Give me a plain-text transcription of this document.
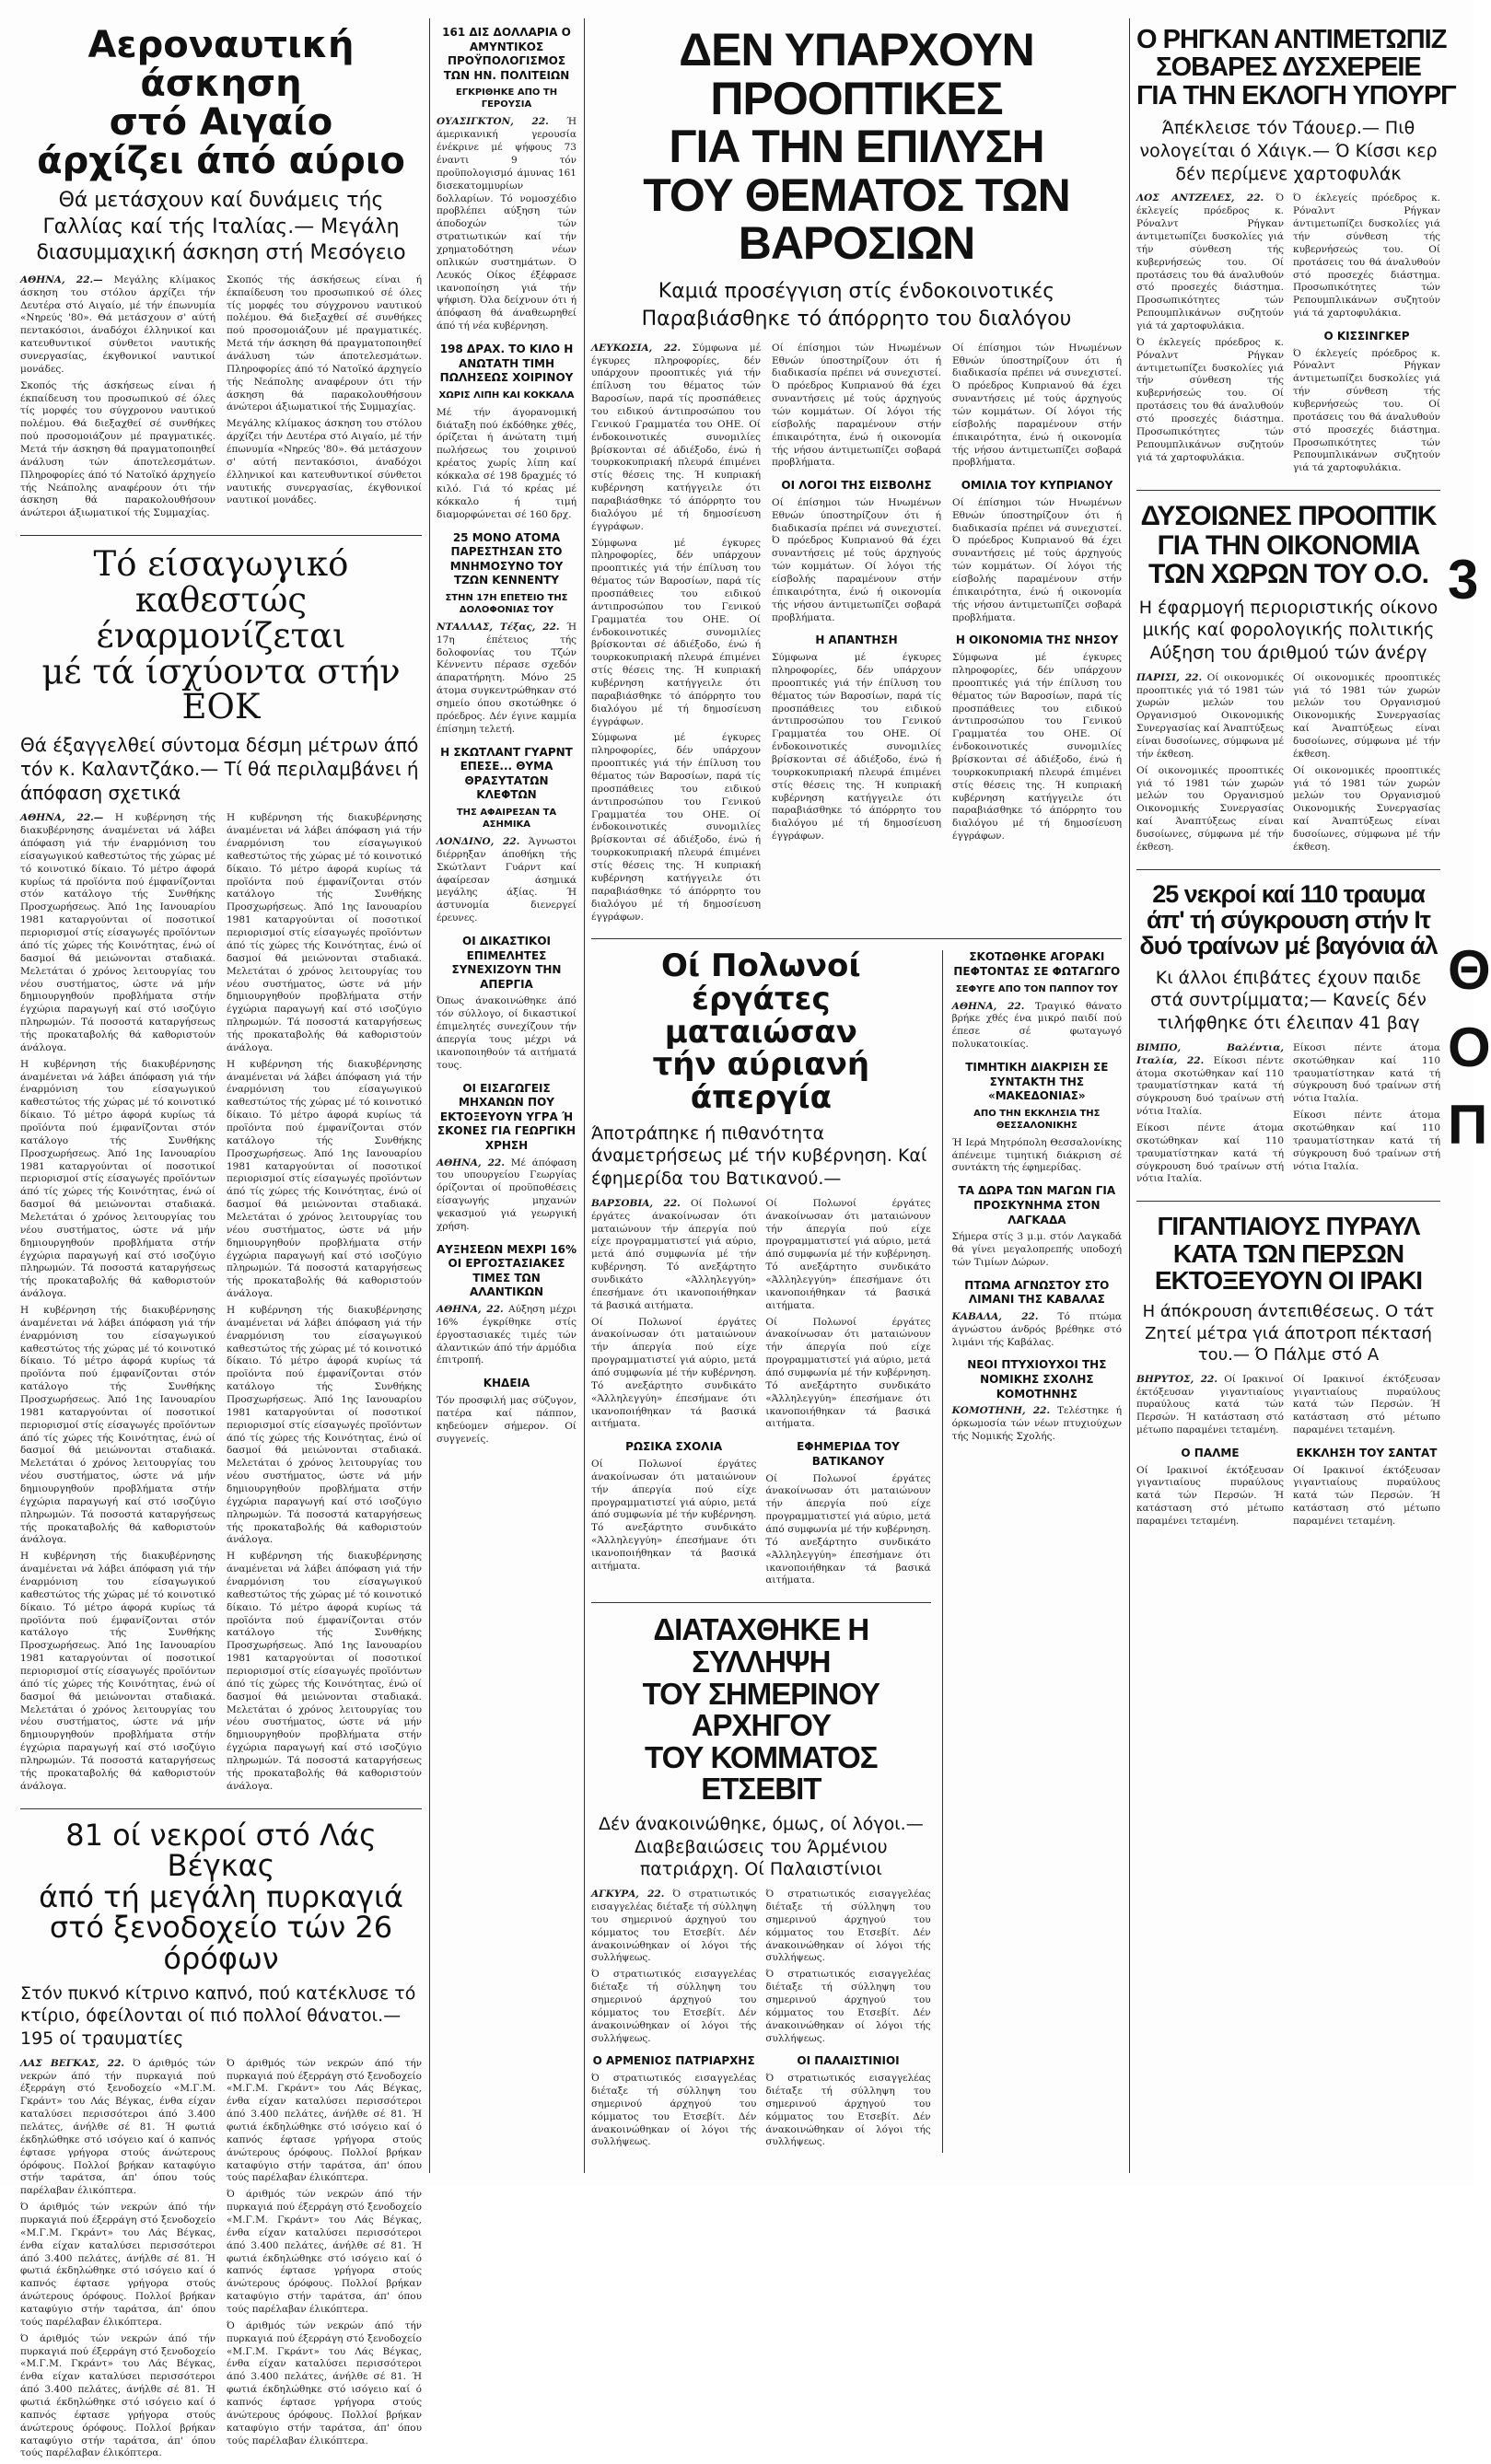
Αεροναυτική άσκηση
στό Αιγαίο
άρχίζει άπό αύριο

Θά μετάσχουν καί δυνάμεις τής Γαλλίας καί τής Ιταλίας.— Μεγάλη διασυμμαχική άσκηση στή Μεσόγειο

ΑΘΗΝΑ, 22.— Μεγάλης κλίμακος άσκηση του στόλου άρχίζει τήν Δευτέρα στό Αιγαίο, μέ τήν έπωνυμία «Νηρεύς '80». Θά μετάσχουν σ' αύτή πεντακόσιοι, άναδόχοι έλληνικοί και κατευθυντικοί σύνθετοι ναυτικής συνεργασίας, έκγθονικοί ναυτικοί μονάδες.

Σκοπός τής άσκήσεως είναι ή έκπαίδευση του προσωπικού σέ όλες τίς μορφές του σύγχρονου ναυτικού πολέμου. Θά διεξαχθεί σέ συνθήκες πού προσομοιάζουν μέ πραγματικές. Μετά τήν άσκηση θά πραγματοποιηθεί άνάλυση τών άποτελεσμάτων. Πληροφορίες άπό τό Νατοϊκό άρχηγείο τής Νεάπολης αναφέρουν ότι τήν άσκηση θά παρακολουθήσουν άνώτεροι άξιωματικοί τής Συμμαχίας.

Σκοπός τής άσκήσεως είναι ή έκπαίδευση του προσωπικού σέ όλες τίς μορφές του σύγχρονου ναυτικού πολέμου. Θά διεξαχθεί σέ συνθήκες πού προσομοιάζουν μέ πραγματικές. Μετά τήν άσκηση θά πραγματοποιηθεί άνάλυση τών άποτελεσμάτων. Πληροφορίες άπό τό Νατοϊκό άρχηγείο τής Νεάπολης αναφέρουν ότι τήν άσκηση θά παρακολουθήσουν άνώτεροι άξιωματικοί τής Συμμαχίας.

Μεγάλης κλίμακος άσκηση του στόλου άρχίζει τήν Δευτέρα στό Αιγαίο, μέ τήν έπωνυμία «Νηρεύς '80». Θά μετάσχουν σ' αύτή πεντακόσιοι, άναδόχοι έλληνικοί και κατευθυντικοί σύνθετοι ναυτικής συνεργασίας, έκγθονικοί ναυτικοί μονάδες.

Τό είσαγωγικό καθεστώς
έναρμονίζεται
μέ τά ίσχύοντα στήν ΕΟΚ

Θά έξαγγελθεί σύντομα δέσμη μέτρων άπό τόν κ. Καλαντζάκο.— Τί θά περιλαμβάνει ή άπόφαση σχετικά

ΑΘΗΝΑ, 22.— Η κυβέρνηση τής διακυβέρνησης άναμένεται νά λάβει άπόφαση γιά τήν έναρμόνιση του είσαγωγικού καθεστώτος τής χώρας μέ τό κοινοτικό δίκαιο. Τό μέτρο άφορά κυρίως τά προϊόντα πού έμφανίζονται στόν κατάλογο τής Συνθήκης Προσχωρήσεως. Άπό 1ης Ιανουαρίου 1981 καταργούνται οί ποσοτικοί περιορισμοί στίς είσαγωγές προϊόντων άπό τίς χώρες τής Κοινότητας, ένώ οί δασμοί θά μειώνονται σταδιακά. Μελετάται ό χρόνος λειτουργίας του νέου συστήματος, ώστε νά μήν δημιουργηθούν προβλήματα στήν έγχώρια παραγωγή καί στό ισοζύγιο πληρωμών. Τά ποσοστά καταργήσεως τής προκαταβολής θά καθοριστούν άνάλογα.

Η κυβέρνηση τής διακυβέρνησης άναμένεται νά λάβει άπόφαση γιά τήν έναρμόνιση του είσαγωγικού καθεστώτος τής χώρας μέ τό κοινοτικό δίκαιο. Τό μέτρο άφορά κυρίως τά προϊόντα πού έμφανίζονται στόν κατάλογο τής Συνθήκης Προσχωρήσεως. Άπό 1ης Ιανουαρίου 1981 καταργούνται οί ποσοτικοί περιορισμοί στίς είσαγωγές προϊόντων άπό τίς χώρες τής Κοινότητας, ένώ οί δασμοί θά μειώνονται σταδιακά. Μελετάται ό χρόνος λειτουργίας του νέου συστήματος, ώστε νά μήν δημιουργηθούν προβλήματα στήν έγχώρια παραγωγή καί στό ισοζύγιο πληρωμών. Τά ποσοστά καταργήσεως τής προκαταβολής θά καθοριστούν άνάλογα.

Η κυβέρνηση τής διακυβέρνησης άναμένεται νά λάβει άπόφαση γιά τήν έναρμόνιση του είσαγωγικού καθεστώτος τής χώρας μέ τό κοινοτικό δίκαιο. Τό μέτρο άφορά κυρίως τά προϊόντα πού έμφανίζονται στόν κατάλογο τής Συνθήκης Προσχωρήσεως. Άπό 1ης Ιανουαρίου 1981 καταργούνται οί ποσοτικοί περιορισμοί στίς είσαγωγές προϊόντων άπό τίς χώρες τής Κοινότητας, ένώ οί δασμοί θά μειώνονται σταδιακά. Μελετάται ό χρόνος λειτουργίας του νέου συστήματος, ώστε νά μήν δημιουργηθούν προβλήματα στήν έγχώρια παραγωγή καί στό ισοζύγιο πληρωμών. Τά ποσοστά καταργήσεως τής προκαταβολής θά καθοριστούν άνάλογα.

Η κυβέρνηση τής διακυβέρνησης άναμένεται νά λάβει άπόφαση γιά τήν έναρμόνιση του είσαγωγικού καθεστώτος τής χώρας μέ τό κοινοτικό δίκαιο. Τό μέτρο άφορά κυρίως τά προϊόντα πού έμφανίζονται στόν κατάλογο τής Συνθήκης Προσχωρήσεως. Άπό 1ης Ιανουαρίου 1981 καταργούνται οί ποσοτικοί περιορισμοί στίς είσαγωγές προϊόντων άπό τίς χώρες τής Κοινότητας, ένώ οί δασμοί θά μειώνονται σταδιακά. Μελετάται ό χρόνος λειτουργίας του νέου συστήματος, ώστε νά μήν δημιουργηθούν προβλήματα στήν έγχώρια παραγωγή καί στό ισοζύγιο πληρωμών. Τά ποσοστά καταργήσεως τής προκαταβολής θά καθοριστούν άνάλογα.

Η κυβέρνηση τής διακυβέρνησης άναμένεται νά λάβει άπόφαση γιά τήν έναρμόνιση του είσαγωγικού καθεστώτος τής χώρας μέ τό κοινοτικό δίκαιο. Τό μέτρο άφορά κυρίως τά προϊόντα πού έμφανίζονται στόν κατάλογο τής Συνθήκης Προσχωρήσεως. Άπό 1ης Ιανουαρίου 1981 καταργούνται οί ποσοτικοί περιορισμοί στίς είσαγωγές προϊόντων άπό τίς χώρες τής Κοινότητας, ένώ οί δασμοί θά μειώνονται σταδιακά. Μελετάται ό χρόνος λειτουργίας του νέου συστήματος, ώστε νά μήν δημιουργηθούν προβλήματα στήν έγχώρια παραγωγή καί στό ισοζύγιο πληρωμών. Τά ποσοστά καταργήσεως τής προκαταβολής θά καθοριστούν άνάλογα.

Η κυβέρνηση τής διακυβέρνησης άναμένεται νά λάβει άπόφαση γιά τήν έναρμόνιση του είσαγωγικού καθεστώτος τής χώρας μέ τό κοινοτικό δίκαιο. Τό μέτρο άφορά κυρίως τά προϊόντα πού έμφανίζονται στόν κατάλογο τής Συνθήκης Προσχωρήσεως. Άπό 1ης Ιανουαρίου 1981 καταργούνται οί ποσοτικοί περιορισμοί στίς είσαγωγές προϊόντων άπό τίς χώρες τής Κοινότητας, ένώ οί δασμοί θά μειώνονται σταδιακά. Μελετάται ό χρόνος λειτουργίας του νέου συστήματος, ώστε νά μήν δημιουργηθούν προβλήματα στήν έγχώρια παραγωγή καί στό ισοζύγιο πληρωμών. Τά ποσοστά καταργήσεως τής προκαταβολής θά καθοριστούν άνάλογα.

Η κυβέρνηση τής διακυβέρνησης άναμένεται νά λάβει άπόφαση γιά τήν έναρμόνιση του είσαγωγικού καθεστώτος τής χώρας μέ τό κοινοτικό δίκαιο. Τό μέτρο άφορά κυρίως τά προϊόντα πού έμφανίζονται στόν κατάλογο τής Συνθήκης Προσχωρήσεως. Άπό 1ης Ιανουαρίου 1981 καταργούνται οί ποσοτικοί περιορισμοί στίς είσαγωγές προϊόντων άπό τίς χώρες τής Κοινότητας, ένώ οί δασμοί θά μειώνονται σταδιακά. Μελετάται ό χρόνος λειτουργίας του νέου συστήματος, ώστε νά μήν δημιουργηθούν προβλήματα στήν έγχώρια παραγωγή καί στό ισοζύγιο πληρωμών. Τά ποσοστά καταργήσεως τής προκαταβολής θά καθοριστούν άνάλογα.

Η κυβέρνηση τής διακυβέρνησης άναμένεται νά λάβει άπόφαση γιά τήν έναρμόνιση του είσαγωγικού καθεστώτος τής χώρας μέ τό κοινοτικό δίκαιο. Τό μέτρο άφορά κυρίως τά προϊόντα πού έμφανίζονται στόν κατάλογο τής Συνθήκης Προσχωρήσεως. Άπό 1ης Ιανουαρίου 1981 καταργούνται οί ποσοτικοί περιορισμοί στίς είσαγωγές προϊόντων άπό τίς χώρες τής Κοινότητας, ένώ οί δασμοί θά μειώνονται σταδιακά. Μελετάται ό χρόνος λειτουργίας του νέου συστήματος, ώστε νά μήν δημιουργηθούν προβλήματα στήν έγχώρια παραγωγή καί στό ισοζύγιο πληρωμών. Τά ποσοστά καταργήσεως τής προκαταβολής θά καθοριστούν άνάλογα.

81 οί νεκροί στό Λάς Βέγκας
άπό τή μεγάλη πυρκαγιά
στό ξενοδοχείο τών 26 όρόφων

Στόν πυκνό κίτρινο καπνό, πού κατέκλυσε τό κτίριο, όφείλονται οί πιό πολλοί θάνατοι.— 195 οί τραυματίες

ΛΑΣ ΒΕΓΚΑΣ, 22. Ό άριθμός τών νεκρών άπό τήν πυρκαγιά πού έξερράγη στό ξενοδοχείο «Μ.Γ.Μ. Γκράντ» του Λάς Βέγκας, ένθα είχαν καταλύσει περισσότεροι άπό 3.400 πελάτες, άνήλθε σέ 81. Ή φωτιά έκδηλώθηκε στό ισόγειο καί ό καπνός έφτασε γρήγορα στούς άνώτερους όρόφους. Πολλοί βρήκαν καταφύγιο στήν ταράτσα, άπ' όπου τούς παρέλαβαν έλικόπτερα.

Ό άριθμός τών νεκρών άπό τήν πυρκαγιά πού έξερράγη στό ξενοδοχείο «Μ.Γ.Μ. Γκράντ» του Λάς Βέγκας, ένθα είχαν καταλύσει περισσότεροι άπό 3.400 πελάτες, άνήλθε σέ 81. Ή φωτιά έκδηλώθηκε στό ισόγειο καί ό καπνός έφτασε γρήγορα στούς άνώτερους όρόφους. Πολλοί βρήκαν καταφύγιο στήν ταράτσα, άπ' όπου τούς παρέλαβαν έλικόπτερα.

Ό άριθμός τών νεκρών άπό τήν πυρκαγιά πού έξερράγη στό ξενοδοχείο «Μ.Γ.Μ. Γκράντ» του Λάς Βέγκας, ένθα είχαν καταλύσει περισσότεροι άπό 3.400 πελάτες, άνήλθε σέ 81. Ή φωτιά έκδηλώθηκε στό ισόγειο καί ό καπνός έφτασε γρήγορα στούς άνώτερους όρόφους. Πολλοί βρήκαν καταφύγιο στήν ταράτσα, άπ' όπου τούς παρέλαβαν έλικόπτερα.

Ό άριθμός τών νεκρών άπό τήν πυρκαγιά πού έξερράγη στό ξενοδοχείο «Μ.Γ.Μ. Γκράντ» του Λάς Βέγκας, ένθα είχαν καταλύσει περισσότεροι άπό 3.400 πελάτες, άνήλθε σέ 81. Ή φωτιά έκδηλώθηκε στό ισόγειο καί ό καπνός έφτασε γρήγορα στούς άνώτερους όρόφους. Πολλοί βρήκαν καταφύγιο στήν ταράτσα, άπ' όπου τούς παρέλαβαν έλικόπτερα.

Ό άριθμός τών νεκρών άπό τήν πυρκαγιά πού έξερράγη στό ξενοδοχείο «Μ.Γ.Μ. Γκράντ» του Λάς Βέγκας, ένθα είχαν καταλύσει περισσότεροι άπό 3.400 πελάτες, άνήλθε σέ 81. Ή φωτιά έκδηλώθηκε στό ισόγειο καί ό καπνός έφτασε γρήγορα στούς άνώτερους όρόφους. Πολλοί βρήκαν καταφύγιο στήν ταράτσα, άπ' όπου τούς παρέλαβαν έλικόπτερα.

Ό άριθμός τών νεκρών άπό τήν πυρκαγιά πού έξερράγη στό ξενοδοχείο «Μ.Γ.Μ. Γκράντ» του Λάς Βέγκας, ένθα είχαν καταλύσει περισσότεροι άπό 3.400 πελάτες, άνήλθε σέ 81. Ή φωτιά έκδηλώθηκε στό ισόγειο καί ό καπνός έφτασε γρήγορα στούς άνώτερους όρόφους. Πολλοί βρήκαν καταφύγιο στήν ταράτσα, άπ' όπου τούς παρέλαβαν έλικόπτερα.

161 ΔΙΣ ΔΟΛΛΑΡΙΑ Ο ΑΜΥΝΤΙΚΟΣ ΠΡΟΫΠΟΛΟΓΙΣΜΟΣ ΤΩΝ ΗΝ. ΠΟΛΙΤΕΙΩΝ
ΕΓΚΡΙΘΗΚΕ ΑΠΟ ΤΗ ΓΕΡΟΥΣΙΑ

ΟΥΑΣΙΓΚΤΟΝ, 22. Ή άμερικανική γερουσία ένέκρινε μέ ψήφους 73 έναντι 9 τόν προϋπολογισμό άμυνας 161 δισεκατομμυρίων δολλαρίων. Τό νομοσχέδιο προβλέπει αύξηση τών άποδοχών τών στρατιωτικών καί τήν χρηματοδότηση νέων οπλικών συστημάτων. Ό Λευκός Οίκος έξέφρασε ικανοποίηση γιά τήν ψήφιση. Όλα δείχνουν ότι ή άπόφαση θά άναθεωρηθεί άπό τή νέα κυβέρνηση.

198 ΔΡΑΧ. ΤΟ ΚΙΛΟ Η ΑΝΩΤΑΤΗ ΤΙΜΗ ΠΩΛΗΣΕΩΣ ΧΟΙΡΙΝΟΥ
ΧΩΡΙΣ ΛΙΠΗ ΚΑΙ ΚΟΚΚΑΛΑ

Μέ τήν άγορανομική διάταξη πού έκδόθηκε χθές, όρίζεται ή άνώτατη τιμή πωλήσεως του χοιρινού κρέατος χωρίς λίπη καί κόκκαλα σέ 198 δραχμές τό κιλό. Γιά τό κρέας μέ κόκκαλο ή τιμή διαμορφώνεται σέ 160 δρχ.

25 ΜΟΝΟ ΑΤΟΜΑ ΠΑΡΕΣΤΗΣΑΝ ΣΤΟ ΜΝΗΜΟΣΥΝΟ ΤΟΥ ΤΖΩΝ ΚΕΝΝΕΝΤΥ
ΣΤΗΝ 17Η ΕΠΕΤΕΙΟ ΤΗΣ ΔΟΛΟΦΟΝΙΑΣ ΤΟΥ

ΝΤΑΛΛΑΣ, Τέξας, 22. Ή 17η έπέτειος τής δολοφονίας του Τζών Κέννεντυ πέρασε σχεδόν άπαρατήρητη. Μόνο 25 άτομα συγκεντρώθηκαν στό σημείο όπου σκοτώθηκε ό πρόεδρος. Δέν έγινε καμμία έπίσημη τελετή.

Η ΣΚΩΤΛΑΝΤ ΓΥΑΡΝΤ ΕΠΕΣΕ... ΘΥΜΑ ΘΡΑΣΥΤΑΤΩΝ ΚΛΕΦΤΩΝ
ΤΗΣ ΑΦΑΙΡΕΣΑΝ ΤΑ ΑΣΗΜΙΚΑ

ΛΟΝΔΙΝΟ, 22. Άγνωστοι διέρρηξαν άποθήκη τής Σκώτλαντ Γυάρντ καί άφαίρεσαν άσημικά μεγάλης άξίας. Ή άστυνομία διενεργεί έρευνες.

ΟΙ ΔΙΚΑΣΤΙΚΟΙ ΕΠΙΜΕΛΗΤΕΣ ΣΥΝΕΧΙΖΟΥΝ ΤΗΝ ΑΠΕΡΓΙΑ

Όπως άνακοινώθηκε άπό τόν σύλλογο, οί δικαστικοί έπιμελητές συνεχίζουν τήν άπεργία τους μέχρι νά ικανοποιηθούν τά αιτήματά τους.

ΟΙ ΕΙΣΑΓΩΓΕΙΣ ΜΗΧΑΝΩΝ ΠΟΥ ΕΚΤΟΞΕΥΟΥΝ ΥΓΡΑ Ή ΣΚΟΝΕΣ ΓΙΑ ΓΕΩΡΓΙΚΗ ΧΡΗΣΗ

ΑΘΗΝΑ, 22. Μέ άπόφαση του υπουργείου Γεωργίας όρίζονται οί προϋποθέσεις είσαγωγής μηχανών ψεκασμού γιά γεωργική χρήση.

ΑΥΞΗΣΕΩΝ ΜΕΧΡΙ 16% ΟΙ ΕΡΓΟΣΤΑΣΙΑΚΕΣ ΤΙΜΕΣ ΤΩΝ ΑΛΑΝΤΙΚΩΝ

ΑΘΗΝΑ, 22. Αύξηση μέχρι 16% έγκρίθηκε στίς έργοστασιακές τιμές τών άλαντικών άπό τήν άρμόδια έπιτροπή.

ΚΗΔΕΙΑ

Τόν προσφιλή μας σύζυγον, πατέρα καί πάππον, κηδεύομεν σήμερον. Οί συγγενείς.

ΔΕΝ ΥΠΑΡΧΟΥΝ ΠΡΟΟΠΤΙΚΕΣ
ΓΙΑ ΤΗΝ ΕΠΙΛΥΣΗ
ΤΟΥ ΘΕΜΑΤΟΣ ΤΩΝ ΒΑΡΟΣΙΩΝ

Καμιά προσέγγιση στίς ένδοκοινοτικές

Παραβιάσθηκε τό άπόρρητο του διαλόγου

ΛΕΥΚΩΣΙΑ, 22. Σύμφωνα μέ έγκυρες πληροφορίες, δέν υπάρχουν προοπτικές γιά τήν έπίλυση του θέματος τών Βαροσίων, παρά τίς προσπάθειες του ειδικού άντιπροσώπου του Γενικού Γραμματέα του ΟΗΕ. Οί ένδοκοινοτικές συνομιλίες βρίσκονται σέ άδιέξοδο, ένώ ή τουρκοκυπριακή πλευρά έπιμένει στίς θέσεις της. Ή κυπριακή κυβέρνηση κατήγγειλε ότι παραβιάσθηκε τό άπόρρητο του διαλόγου μέ τή δημοσίευση έγγράφων.

Σύμφωνα μέ έγκυρες πληροφορίες, δέν υπάρχουν προοπτικές γιά τήν έπίλυση του θέματος τών Βαροσίων, παρά τίς προσπάθειες του ειδικού άντιπροσώπου του Γενικού Γραμματέα του ΟΗΕ. Οί ένδοκοινοτικές συνομιλίες βρίσκονται σέ άδιέξοδο, ένώ ή τουρκοκυπριακή πλευρά έπιμένει στίς θέσεις της. Ή κυπριακή κυβέρνηση κατήγγειλε ότι παραβιάσθηκε τό άπόρρητο του διαλόγου μέ τή δημοσίευση έγγράφων.

Σύμφωνα μέ έγκυρες πληροφορίες, δέν υπάρχουν προοπτικές γιά τήν έπίλυση του θέματος τών Βαροσίων, παρά τίς προσπάθειες του ειδικού άντιπροσώπου του Γενικού Γραμματέα του ΟΗΕ. Οί ένδοκοινοτικές συνομιλίες βρίσκονται σέ άδιέξοδο, ένώ ή τουρκοκυπριακή πλευρά έπιμένει στίς θέσεις της. Ή κυπριακή κυβέρνηση κατήγγειλε ότι παραβιάσθηκε τό άπόρρητο του διαλόγου μέ τή δημοσίευση έγγράφων.

Οί έπίσημοι τών Ηνωμένων Εθνών ύποστηρίζουν ότι ή διαδικασία πρέπει νά συνεχιστεί. Ό πρόεδρος Κυπριανού θά έχει συναντήσεις μέ τούς άρχηγούς τών κομμάτων. Οί λόγοι τής είσβολής παραμένουν στήν έπικαιρότητα, ένώ ή οικονομία τής νήσου άντιμετωπίζει σοβαρά προβλήματα.

ΟΙ ΛΟΓΟΙ ΤΗΣ ΕΙΣΒΟΛΗΣ

Οί έπίσημοι τών Ηνωμένων Εθνών ύποστηρίζουν ότι ή διαδικασία πρέπει νά συνεχιστεί. Ό πρόεδρος Κυπριανού θά έχει συναντήσεις μέ τούς άρχηγούς τών κομμάτων. Οί λόγοι τής είσβολής παραμένουν στήν έπικαιρότητα, ένώ ή οικονομία τής νήσου άντιμετωπίζει σοβαρά προβλήματα.

Η ΑΠΑΝΤΗΣΗ

Σύμφωνα μέ έγκυρες πληροφορίες, δέν υπάρχουν προοπτικές γιά τήν έπίλυση του θέματος τών Βαροσίων, παρά τίς προσπάθειες του ειδικού άντιπροσώπου του Γενικού Γραμματέα του ΟΗΕ. Οί ένδοκοινοτικές συνομιλίες βρίσκονται σέ άδιέξοδο, ένώ ή τουρκοκυπριακή πλευρά έπιμένει στίς θέσεις της. Ή κυπριακή κυβέρνηση κατήγγειλε ότι παραβιάσθηκε τό άπόρρητο του διαλόγου μέ τή δημοσίευση έγγράφων.

Οί έπίσημοι τών Ηνωμένων Εθνών ύποστηρίζουν ότι ή διαδικασία πρέπει νά συνεχιστεί. Ό πρόεδρος Κυπριανού θά έχει συναντήσεις μέ τούς άρχηγούς τών κομμάτων. Οί λόγοι τής είσβολής παραμένουν στήν έπικαιρότητα, ένώ ή οικονομία τής νήσου άντιμετωπίζει σοβαρά προβλήματα.

ΟΜΙΛΙΑ ΤΟΥ ΚΥΠΡΙΑΝΟΥ

Οί έπίσημοι τών Ηνωμένων Εθνών ύποστηρίζουν ότι ή διαδικασία πρέπει νά συνεχιστεί. Ό πρόεδρος Κυπριανού θά έχει συναντήσεις μέ τούς άρχηγούς τών κομμάτων. Οί λόγοι τής είσβολής παραμένουν στήν έπικαιρότητα, ένώ ή οικονομία τής νήσου άντιμετωπίζει σοβαρά προβλήματα.

Η ΟΙΚΟΝΟΜΙΑ ΤΗΣ ΝΗΣΟΥ

Σύμφωνα μέ έγκυρες πληροφορίες, δέν υπάρχουν προοπτικές γιά τήν έπίλυση του θέματος τών Βαροσίων, παρά τίς προσπάθειες του ειδικού άντιπροσώπου του Γενικού Γραμματέα του ΟΗΕ. Οί ένδοκοινοτικές συνομιλίες βρίσκονται σέ άδιέξοδο, ένώ ή τουρκοκυπριακή πλευρά έπιμένει στίς θέσεις της. Ή κυπριακή κυβέρνηση κατήγγειλε ότι παραβιάσθηκε τό άπόρρητο του διαλόγου μέ τή δημοσίευση έγγράφων.

Οί Πολωνοί έργάτες
ματαιώσαν
τήν αύριανή άπεργία

Άποτράπηκε ή πιθανότητα άναμετρήσεως μέ τήν κυβέρνηση. Καί έφημερίδα του Βατικανού.—

ΒΑΡΣΟΒΙΑ, 22. Οί Πολωνοί έργάτες άνακοίνωσαν ότι ματαιώνουν τήν άπεργία πού είχε προγραμματιστεί γιά αύριο, μετά άπό συμφωνία μέ τήν κυβέρνηση. Τό ανεξάρτητο συνδικάτο «Άλληλεγγύη» έπεσήμανε ότι ικανοποιήθηκαν τά βασικά αιτήματα.

Οί Πολωνοί έργάτες άνακοίνωσαν ότι ματαιώνουν τήν άπεργία πού είχε προγραμματιστεί γιά αύριο, μετά άπό συμφωνία μέ τήν κυβέρνηση. Τό ανεξάρτητο συνδικάτο «Άλληλεγγύη» έπεσήμανε ότι ικανοποιήθηκαν τά βασικά αιτήματα.

ΡΩΣΙΚΑ ΣΧΟΛΙΑ

Οί Πολωνοί έργάτες άνακοίνωσαν ότι ματαιώνουν τήν άπεργία πού είχε προγραμματιστεί γιά αύριο, μετά άπό συμφωνία μέ τήν κυβέρνηση. Τό ανεξάρτητο συνδικάτο «Άλληλεγγύη» έπεσήμανε ότι ικανοποιήθηκαν τά βασικά αιτήματα.

Οί Πολωνοί έργάτες άνακοίνωσαν ότι ματαιώνουν τήν άπεργία πού είχε προγραμματιστεί γιά αύριο, μετά άπό συμφωνία μέ τήν κυβέρνηση. Τό ανεξάρτητο συνδικάτο «Άλληλεγγύη» έπεσήμανε ότι ικανοποιήθηκαν τά βασικά αιτήματα.

Οί Πολωνοί έργάτες άνακοίνωσαν ότι ματαιώνουν τήν άπεργία πού είχε προγραμματιστεί γιά αύριο, μετά άπό συμφωνία μέ τήν κυβέρνηση. Τό ανεξάρτητο συνδικάτο «Άλληλεγγύη» έπεσήμανε ότι ικανοποιήθηκαν τά βασικά αιτήματα.

ΕΦΗΜΕΡΙΔΑ ΤΟΥ ΒΑΤΙΚΑΝΟΥ

Οί Πολωνοί έργάτες άνακοίνωσαν ότι ματαιώνουν τήν άπεργία πού είχε προγραμματιστεί γιά αύριο, μετά άπό συμφωνία μέ τήν κυβέρνηση. Τό ανεξάρτητο συνδικάτο «Άλληλεγγύη» έπεσήμανε ότι ικανοποιήθηκαν τά βασικά αιτήματα.

ΔΙΑΤΑΧΘΗΚΕ Η ΣΥΛΛΗΨΗ
ΤΟΥ ΣΗΜΕΡΙΝΟΥ ΑΡΧΗΓΟΥ
ΤΟΥ ΚΟΜΜΑΤΟΣ ΕΤΣΕΒΙΤ

Δέν άνακοινώθηκε, όμως, οί λόγοι.— Διαβεβαιώσεις του Άρμένιου πατριάρχη. Οί Παλαιστίνιοι

ΑΓΚΥΡΑ, 22. Ό στρατιωτικός εισαγγελέας διέταξε τή σύλληψη του σημερινού άρχηγού του κόμματος του Ετσεβίτ. Δέν άνακοινώθηκαν οί λόγοι τής συλλήψεως.

Ό στρατιωτικός εισαγγελέας διέταξε τή σύλληψη του σημερινού άρχηγού του κόμματος του Ετσεβίτ. Δέν άνακοινώθηκαν οί λόγοι τής συλλήψεως.

Ο ΑΡΜΕΝΙΟΣ ΠΑΤΡΙΑΡΧΗΣ

Ό στρατιωτικός εισαγγελέας διέταξε τή σύλληψη του σημερινού άρχηγού του κόμματος του Ετσεβίτ. Δέν άνακοινώθηκαν οί λόγοι τής συλλήψεως.

Ό στρατιωτικός εισαγγελέας διέταξε τή σύλληψη του σημερινού άρχηγού του κόμματος του Ετσεβίτ. Δέν άνακοινώθηκαν οί λόγοι τής συλλήψεως.

Ό στρατιωτικός εισαγγελέας διέταξε τή σύλληψη του σημερινού άρχηγού του κόμματος του Ετσεβίτ. Δέν άνακοινώθηκαν οί λόγοι τής συλλήψεως.

ΟΙ ΠΑΛΑΙΣΤΙΝΙΟΙ

Ό στρατιωτικός εισαγγελέας διέταξε τή σύλληψη του σημερινού άρχηγού του κόμματος του Ετσεβίτ. Δέν άνακοινώθηκαν οί λόγοι τής συλλήψεως.

ΣΚΟΤΩΘΗΚΕ ΑΓΟΡΑΚΙ ΠΕΦΤΟΝΤΑΣ ΣΕ ΦΩΤΑΓΩΓΟ
ΣΕΦΥΓΕ ΑΠΟ ΤΟΝ ΠΑΠΠΟΥ ΤΟΥ

ΑΘΗΝΑ, 22. Τραγικό θάνατο βρήκε χθές ένα μικρό παιδί πού έπεσε σέ φωταγωγό πολυκατοικίας.

ΤΙΜΗΤΙΚΗ ΔΙΑΚΡΙΣΗ ΣΕ ΣΥΝΤΑΚΤΗ ΤΗΣ «ΜΑΚΕΔΟΝΙΑΣ»
ΑΠΟ ΤΗΝ ΕΚΚΛΗΣΙΑ ΤΗΣ ΘΕΣΣΑΛΟΝΙΚΗΣ

Ή Ιερά Μητρόπολη Θεσσαλονίκης άπένειμε τιμητική διάκριση σέ συντάκτη τής έφημερίδας.

ΤΑ ΔΩΡΑ ΤΩΝ ΜΑΓΩΝ ΓΙΑ ΠΡΟΣΚΥΝΗΜΑ ΣΤΟΝ ΛΑΓΚΑΔΑ

Σήμερα στίς 3 μ.μ. στόν Λαγκαδά θά γίνει μεγαλοπρεπής υποδοχή τών Τιμίων Δώρων.

ΠΤΩΜΑ ΑΓΝΩΣΤΟΥ ΣΤΟ ΛΙΜΑΝΙ ΤΗΣ ΚΑΒΑΛΑΣ

ΚΑΒΑΛΑ, 22. Τό πτώμα άγνώστου άνδρός βρέθηκε στό λιμάνι τής Καβάλας.

ΝΕΟΙ ΠΤΥΧΙΟΥΧΟΙ ΤΗΣ ΝΟΜΙΚΗΣ ΣΧΟΛΗΣ ΚΟΜΟΤΗΝΗΣ

ΚΟΜΟΤΗΝΗ, 22. Τελέστηκε ή όρκωμοσία τών νέων πτυχιούχων τής Νομικής Σχολής.

Ο ΡΗΓΚΑΝ ΑΝΤΙΜΕΤΩΠΙΖ
ΣΟΒΑΡΕΣ ΔΥΣΧΕΡΕΙΕ
ΓΙΑ ΤΗΝ ΕΚΛΟΓΗ ΥΠΟΥΡΓ

Άπέκλεισε τόν Τάουερ.— Πιθ νολογείται ό Χάιγκ.— Ό Κίσσι κερ δέν περίμενε χαρτοφυλάκ

ΛΟΣ ΑΝΤΖΕΛΕΣ, 22. Ό έκλεγείς πρόεδρος κ. Ρόναλντ Ρήγκαν άντιμετωπίζει δυσκολίες γιά τήν σύνθεση τής κυβερνήσεώς του. Οί προτάσεις του θά άναλυθούν στό προσεχές διάστημα. Προσωπικότητες τών Ρεπουμπλικάνων συζητούν γιά τά χαρτοφυλάκια.

Ό έκλεγείς πρόεδρος κ. Ρόναλντ Ρήγκαν άντιμετωπίζει δυσκολίες γιά τήν σύνθεση τής κυβερνήσεώς του. Οί προτάσεις του θά άναλυθούν στό προσεχές διάστημα. Προσωπικότητες τών Ρεπουμπλικάνων συζητούν γιά τά χαρτοφυλάκια.

Ό έκλεγείς πρόεδρος κ. Ρόναλντ Ρήγκαν άντιμετωπίζει δυσκολίες γιά τήν σύνθεση τής κυβερνήσεώς του. Οί προτάσεις του θά άναλυθούν στό προσεχές διάστημα. Προσωπικότητες τών Ρεπουμπλικάνων συζητούν γιά τά χαρτοφυλάκια.

Ο ΚΙΣΣΙΝΓΚΕΡ

Ό έκλεγείς πρόεδρος κ. Ρόναλντ Ρήγκαν άντιμετωπίζει δυσκολίες γιά τήν σύνθεση τής κυβερνήσεώς του. Οί προτάσεις του θά άναλυθούν στό προσεχές διάστημα. Προσωπικότητες τών Ρεπουμπλικάνων συζητούν γιά τά χαρτοφυλάκια.

ΔΥΣΟΙΩΝΕΣ ΠΡΟΟΠΤΙΚ
ΓΙΑ ΤΗΝ ΟΙΚΟΝΟΜΙΑ
ΤΩΝ ΧΩΡΩΝ ΤΟΥ Ο.Ο.

Η έφαρμογή περιοριστικής οίκονο μικής καί φορολογικής πολιτικής Αύξηση του άριθμού τών άνέργ

ΠΑΡΙΣΙ, 22. Οί οικονομικές προοπτικές γιά τό 1981 τών χωρών μελών του Οργανισμού Οικονομικής Συνεργασίας καί Άναπτύξεως είναι δυσοίωνες, σύμφωνα μέ τήν έκθεση.

Οί οικονομικές προοπτικές γιά τό 1981 τών χωρών μελών του Οργανισμού Οικονομικής Συνεργασίας καί Άναπτύξεως είναι δυσοίωνες, σύμφωνα μέ τήν έκθεση.

Οί οικονομικές προοπτικές γιά τό 1981 τών χωρών μελών του Οργανισμού Οικονομικής Συνεργασίας καί Άναπτύξεως είναι δυσοίωνες, σύμφωνα μέ τήν έκθεση.

Οί οικονομικές προοπτικές γιά τό 1981 τών χωρών μελών του Οργανισμού Οικονομικής Συνεργασίας καί Άναπτύξεως είναι δυσοίωνες, σύμφωνα μέ τήν έκθεση.

25 νεκροί καί 110 τραυμα
άπ' τή σύγκρουση στήν Ιτ
δυό τραίνων μέ βαγόνια άλ

Κι άλλοι έπιβάτες έχουν παιδε στά συντρίμματα;— Κανείς δέν τιλήφθηκε ότι έλειπαν 41 βαγ

ΒΙΜΠΟ, Βαλέντια, Ιταλία, 22. Είκοσι πέντε άτομα σκοτώθηκαν καί 110 τραυματίστηκαν κατά τή σύγκρουση δυό τραίνων στή νότια Ιταλία.

Είκοσι πέντε άτομα σκοτώθηκαν καί 110 τραυματίστηκαν κατά τή σύγκρουση δυό τραίνων στή νότια Ιταλία.

Είκοσι πέντε άτομα σκοτώθηκαν καί 110 τραυματίστηκαν κατά τή σύγκρουση δυό τραίνων στή νότια Ιταλία.

Είκοσι πέντε άτομα σκοτώθηκαν καί 110 τραυματίστηκαν κατά τή σύγκρουση δυό τραίνων στή νότια Ιταλία.

ΓΙΓΑΝΤΙΑΙΟΥΣ ΠΥΡΑΥΛ
ΚΑΤΑ ΤΩΝ ΠΕΡΣΩΝ
ΕΚΤΟΞΕΥΟΥΝ ΟΙ ΙΡΑΚΙ

Η άπόκρουση άντεπιθέσεως. Ο τάτ Ζητεί μέτρα γιά άποτροπ πέκτασή του.— Ό Πάλμε στό Α

ΒΗΡΥΤΟΣ, 22. Οί Ιρακινοί έκτόξευσαν γιγαντιαίους πυραύλους κατά τών Περσών. Ή κατάσταση στό μέτωπο παραμένει τεταμένη.

Ο ΠΑΛΜΕ

Οί Ιρακινοί έκτόξευσαν γιγαντιαίους πυραύλους κατά τών Περσών. Ή κατάσταση στό μέτωπο παραμένει τεταμένη.

Οί Ιρακινοί έκτόξευσαν γιγαντιαίους πυραύλους κατά τών Περσών. Ή κατάσταση στό μέτωπο παραμένει τεταμένη.

ΕΚΚΛΗΣΗ ΤΟΥ ΣΑΝΤΑΤ

Οί Ιρακινοί έκτόξευσαν γιγαντιαίους πυραύλους κατά τών Περσών. Ή κατάσταση στό μέτωπο παραμένει τεταμένη.

3
Θ
Ο
Π
